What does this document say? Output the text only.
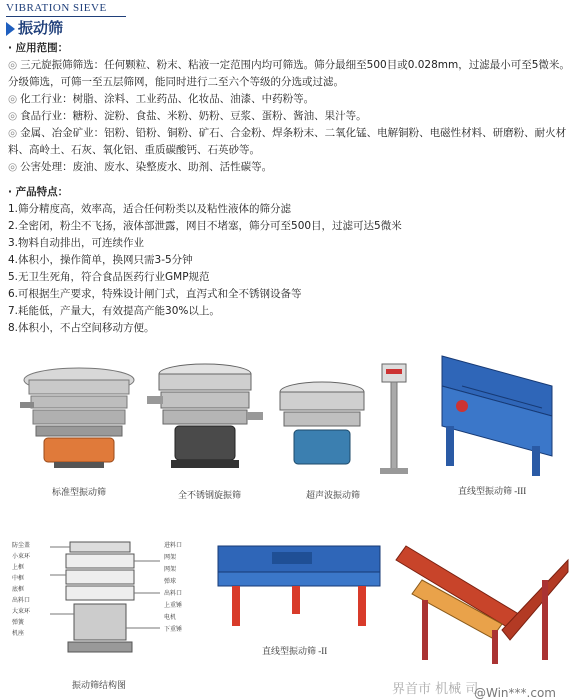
VIBRATION SIEVE
振动筛
· 应用范围：
◎ 三元旋振筛筛选：任何颗粒、粉末、粘液一定范围内均可筛选。筛分最细至500目或0.028mm，过滤最小可至5微米。分级筛选，可筛一至五层筛网，能同时进行二至六个等级的分选或过滤。
◎ 化工行业：树脂、涂料、工业药品、化妆品、油漆、中药粉等。
◎ 食品行业：糖粉、淀粉、食盐、米粉、奶粉、豆浆、蛋粉、酱油、果汁等。
◎ 金属、冶金矿业：铝粉、铅粉、铜粉、矿石、合金粉、焊条粉末、二氧化锰、电解铜粉、电磁性材料、研磨粉、耐火材料、高岭土、石灰、氧化铝、重质碳酸钙、石英砂等。
◎ 公害处理：废油、废水、染整废水、助剂、活性碳等。
· 产品特点：
1.筛分精度高，效率高，适合任何粉类以及粘性液体的筛分滤
2.全密闭，粉尘不飞扬，液体部泄露，网目不堵塞，筛分可至500目，过滤可达5微米
3.物料自动排出，可连续作业
4.体积小，操作简单，换网只需3-5分钟
5.无卫生死角，符合食品医药行业GMP规范
6.可根据生产要求，特殊设计闸门式，直泻式和全不锈钢设备等
7.耗能低，产量大，有效提高产能30%以上。
8.体积小，不占空间移动方便。
标准型振动筛	全不锈钢旋振筛	超声波振动筛	直线型振动筛 -III
防尘盖
小束环
上框
中框
底框
出料口
大束环
弹簧
机座
进料口
网架
网架
弹球
出料口
上重锤
电机
下重锤
振动筛结构图
直线型振动筛 -II
界首市 机械 司
@Win***.com
